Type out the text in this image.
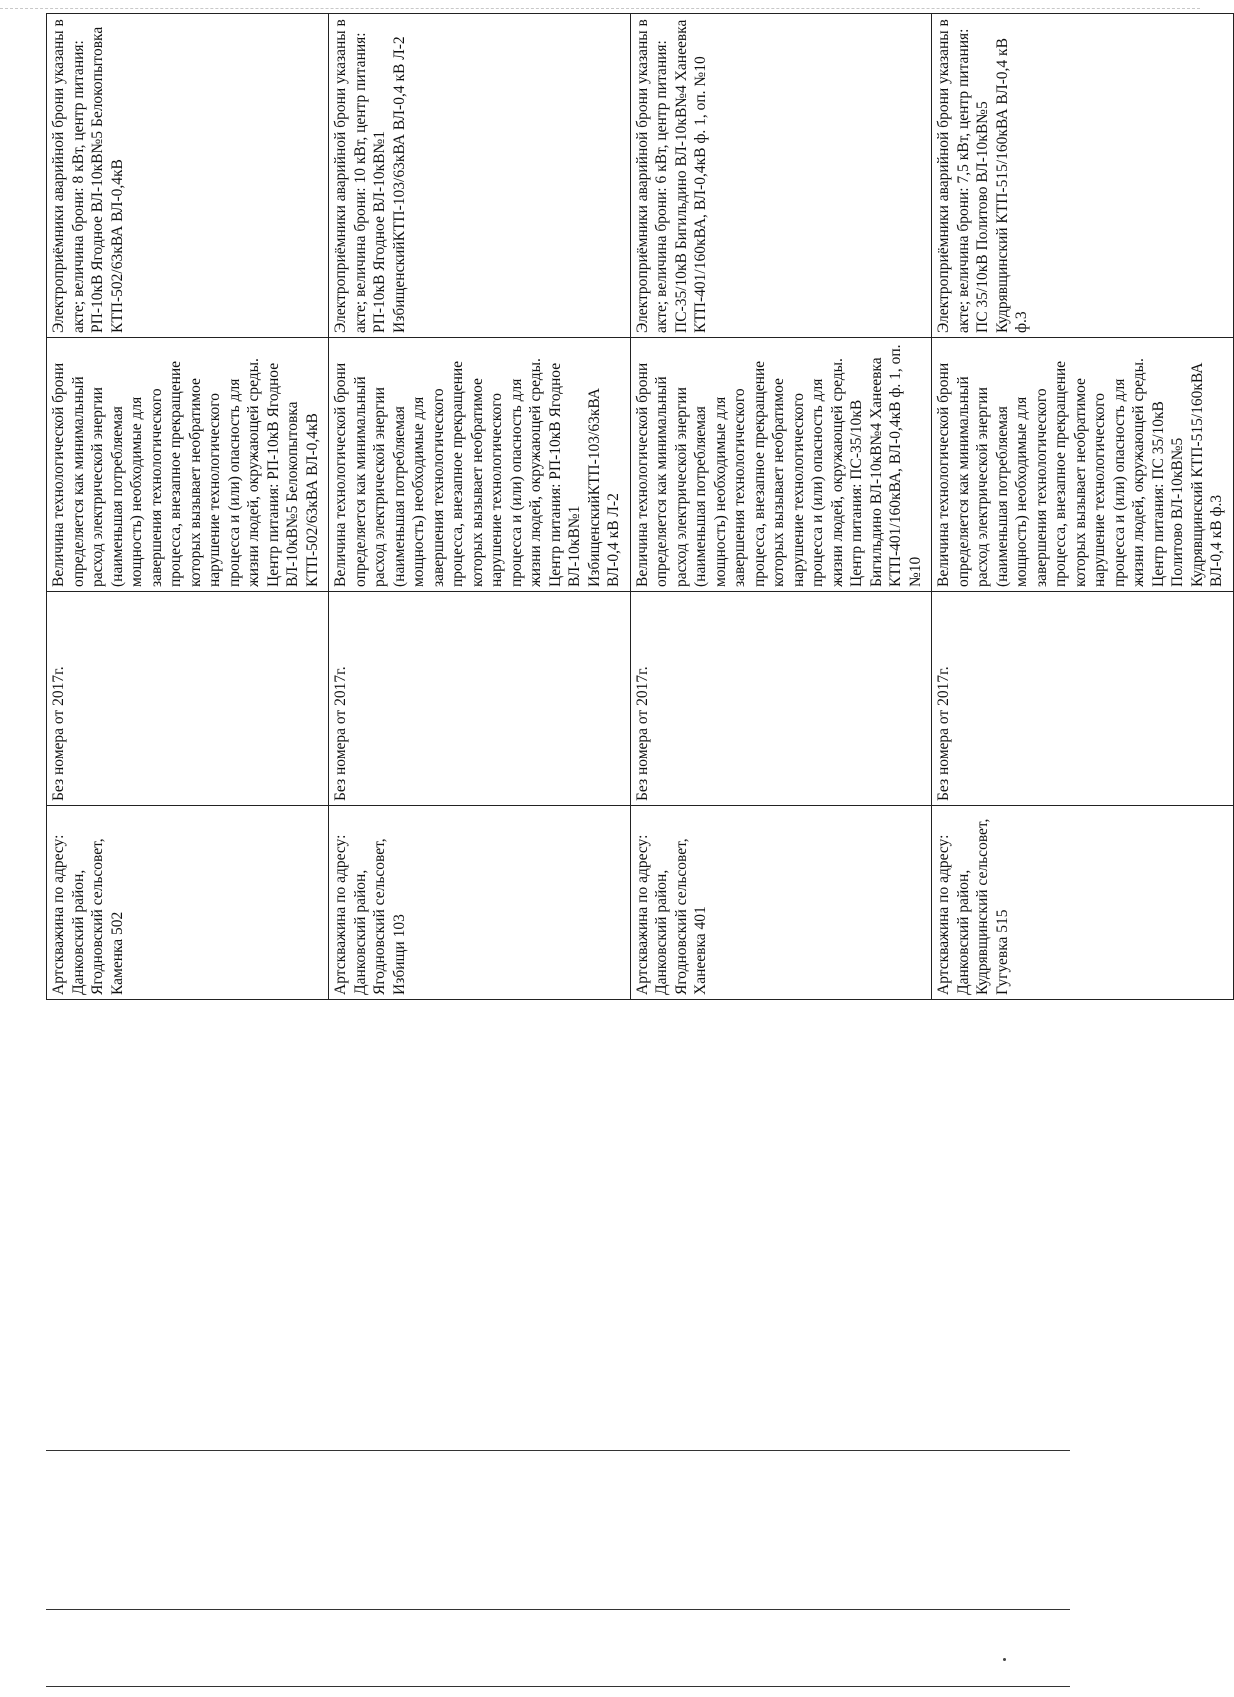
Артскважина по адресу: Данковский район, Ягодновский сельсовет, Каменка 502	Без номера от 2017г.	Величина технологической брони определяется как минимальный расход электрической энергии (наименьшая потребляемая мощность) необходимые для завершения технологического процесса, внезапное прекращение которых вызывает необратимое нарушение технологического процесса и (или) опасность для жизни людей, окружающей среды. Центр питания: РП-10кВ Ягодное ВЛ-10кВ№5 Белокопытовка КТП-502/63кВА ВЛ-0,4кВ	Электроприёмники аварийной брони указаны в акте; величина брони: 8 кВт, центр питания: РП-10кВ Ягодное ВЛ-10кВ№5 Белокопытовка КТП-502/63кВА ВЛ-0,4кВ
Артскважина по адресу: Данковский район, Ягодновский сельсовет, Избищи 103	Без номера от 2017г.	Величина технологической брони определяется как минимальный расход электрической энергии (наименьшая потребляемая мощность) необходимые для завершения технологического процесса, внезапное прекращение которых вызывает необратимое нарушение технологического процесса и (или) опасность для жизни людей, окружающей среды. Центр питания: РП-10кВ Ягодное ВЛ-10кВ№1 ИзбищенскийКТП-103/63кВА ВЛ-0,4 кВ Л-2	Электроприёмники аварийной брони указаны в акте; величина брони: 10 кВт, центр питания: РП-10кВ Ягодное ВЛ-10кВ№1 ИзбищенскийКТП-103/63кВА ВЛ-0,4 кВ Л-2
Артскважина по адресу: Данковский район, Ягодновский сельсовет, Ханеевка 401	Без номера от 2017г.	Величина технологической брони определяется как минимальный расход электрической энергии (наименьшая потребляемая мощность) необходимые для завершения технологического процесса, внезапное прекращение которых вызывает необратимое нарушение технологического процесса и (или) опасность для жизни людей, окружающей среды. Центр питания: ПС-35/10кВ Бигильдино ВЛ-10кВ№4 Ханеевка КТП-401/160кВА, ВЛ-0,4кВ ф. 1, оп. №10	Электроприёмники аварийной брони указаны в акте; величина брони: 6 кВт, центр питания: ПС-35/10кВ Бигильдино ВЛ-10кВ№4 Ханеевка КТП-401/160кВА, ВЛ-0,4кВ ф. 1, оп. №10
Артскважина по адресу: Данковский район, Кудрявщинский сельсовет, Гугуевка 515	Без номера от 2017г.	Величина технологической брони определяется как минимальный расход электрической энергии (наименьшая потребляемая мощность) необходимые для завершения технологического процесса, внезапное прекращение которых вызывает необратимое нарушение технологического процесса и (или) опасность для жизни людей, окружающей среды. Центр питания: ПС 35/10кВ Политово ВЛ-10кВ№5 Кудрявщинский КТП-515/160кВА ВЛ-0,4 кВ ф.3	Электроприёмники аварийной брони указаны в акте; величина брони: 7,5 кВт, центр питания: ПС 35/10кВ Политово ВЛ-10кВ№5 Кудрявщинский КТП-515/160кВА ВЛ-0,4 кВ ф.3
